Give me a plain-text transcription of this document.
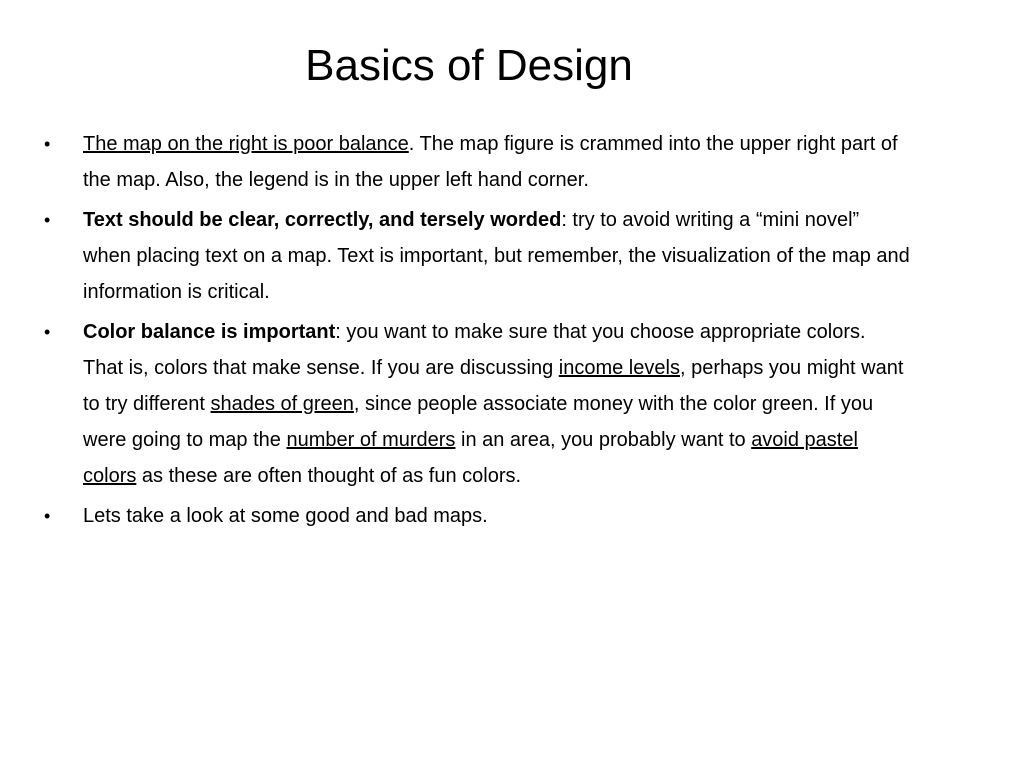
Basics of Design
• The map on the right is poor balance. The map figure is crammed into the upper right part of the map. Also, the legend is in the upper left hand corner.
• Text should be clear, correctly, and tersely worded: try to avoid writing a “mini novel” when placing text on a map. Text is important, but remember, the visualization of the map and information is critical.
• Color balance is important: you want to make sure that you choose appropriate colors. That is, colors that make sense. If you are discussing income levels, perhaps you might want to try different shades of green, since people associate money with the color green. If you were going to map the number of murders in an area, you probably want to avoid pastel colors as these are often thought of as fun colors.
• Lets take a look at some good and bad maps.
